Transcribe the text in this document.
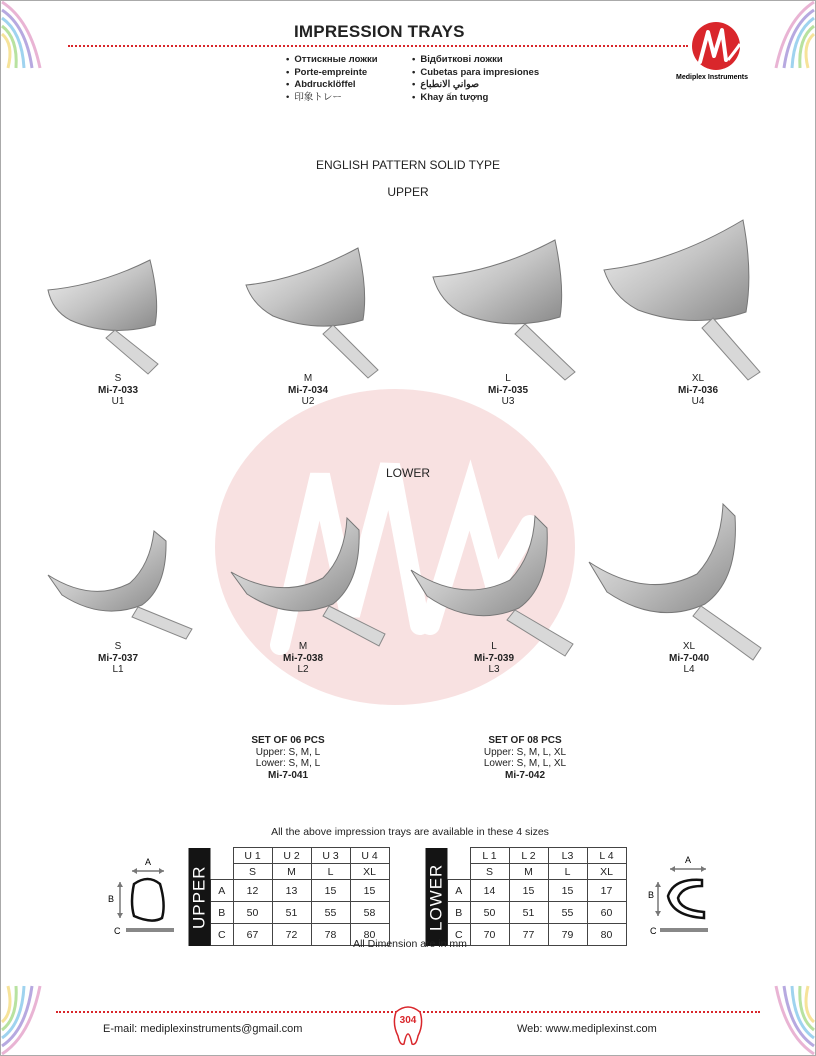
IMPRESSION TRAYS
• Оттискные ложки
• Porte-empreinte
• Abdrucklöffel
• 印象トレー
• Відбиткові ложки
• Cubetas para impresiones
• صواني الانطباع
• Khay ấn tượng
Mediplex Instruments
ENGLISH PATTERN SOLID TYPE
UPPER
LOWER
S
Mi-7-033
U1
M
Mi-7-034
U2
L
Mi-7-035
U3
XL
Mi-7-036
U4
S
Mi-7-037
L1
M
Mi-7-038
L2
L
Mi-7-039
L3
XL
Mi-7-040
L4
SET OF 06 PCS
Upper: S, M, L
Lower: S, M, L
Mi-7-041
SET OF 08 PCS
Upper: S, M, L, XL
Lower: S, M, L, XL
Mi-7-042
All the above impression trays are available in these 4 sizes
A
B
C
UPPER		U 1	U 2	U 3	U 4
		S	M	L	XL
	A	12	13	15	15
	B	50	51	55	58
	C	67	72	78	80
LOWER		L 1	L 2	L3	L 4
		S	M	L	XL
	A	14	15	15	17
	B	50	51	55	60
	C	70	77	79	80
A
B
C
All Dimension are in mm
E-mail: mediplexinstruments@gmail.com
304
Web: www.mediplexinst.com
